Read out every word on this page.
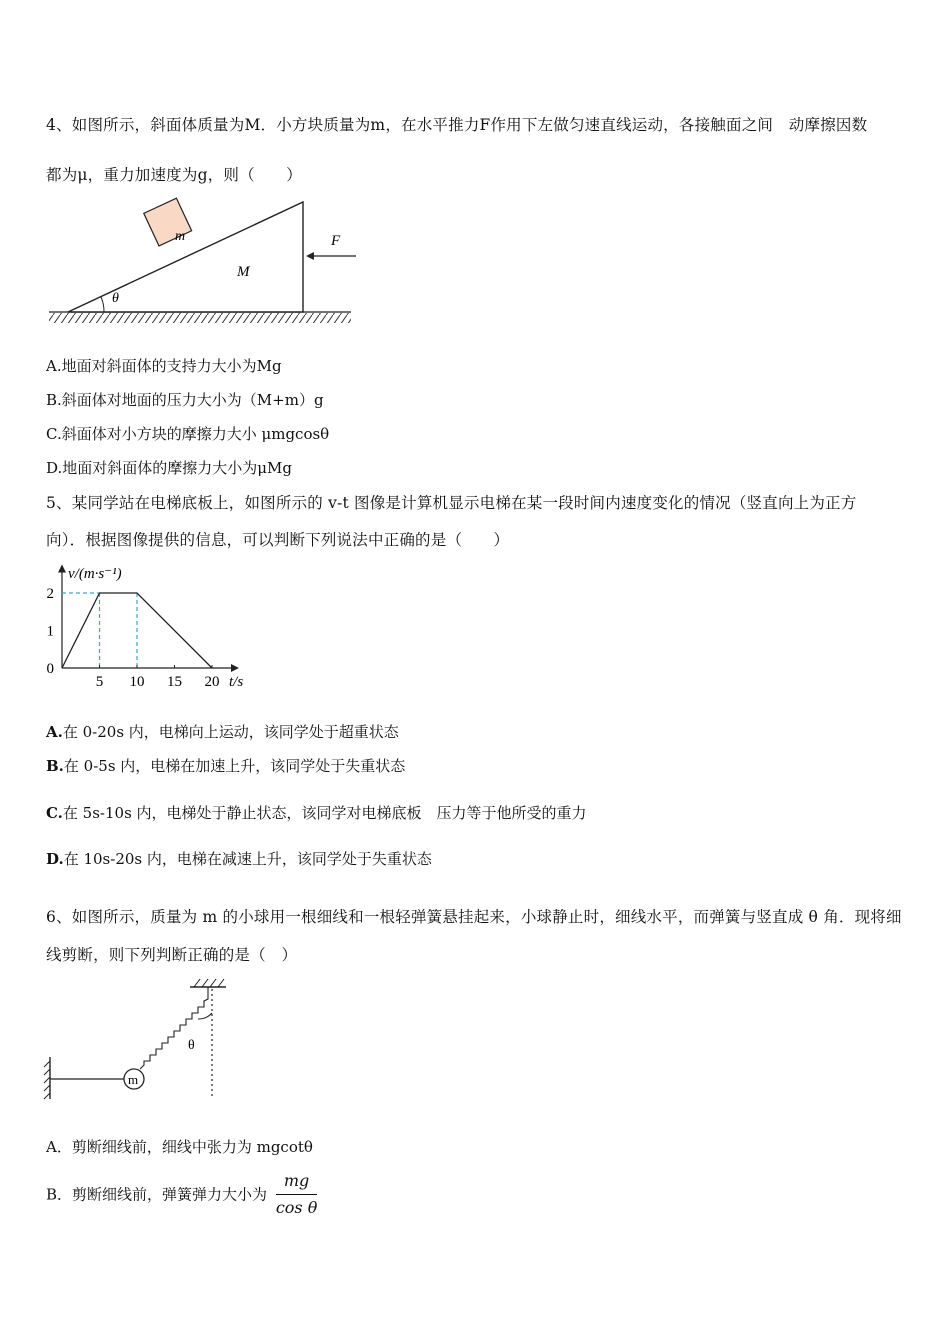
4、如图所示，斜面体质量为M．小方块质量为m，在水平推力F作用下左做匀速直线运动，各接触面之间　动摩擦因数
都为μ，重力加速度为g，则（　　）
θ
m
M
F
A.地面对斜面体的支持力大小为Mg
B.斜面体对地面的压力大小为（M+m）g
C.斜面体对小方块的摩擦力大小 μmgcosθ
D.地面对斜面体的摩擦力大小为μMg
5、某同学站在电梯底板上，如图所示的 v-t 图像是计算机显示电梯在某一段时间内速度变化的情况（竖直向上为正方
向）．根据图像提供的信息，可以判断下列说法中正确的是（　　）
5 10 15 20
0
1
2
v/(m·s⁻¹)
t/s
A.在 0-20s 内，电梯向上运动，该同学处于超重状态
B.在 0-5s 内，电梯在加速上升，该同学处于失重状态
C.在 5s-10s 内，电梯处于静止状态，该同学对电梯底板　压力等于他所受的重力
D.在 10s-20s 内，电梯在减速上升，该同学处于失重状态
6、如图所示，质量为 m 的小球用一根细线和一根轻弹簧悬挂起来，小球静止时，细线水平，而弹簧与竖直成 θ 角．现将细
线剪断，则下列判断正确的是（　）
θ
m
A．剪断细线前，细线中张力为 mgcotθ
B．剪断细线前，弹簧弹力大小为 $\frac{mg}{\text{cos θ}}$
